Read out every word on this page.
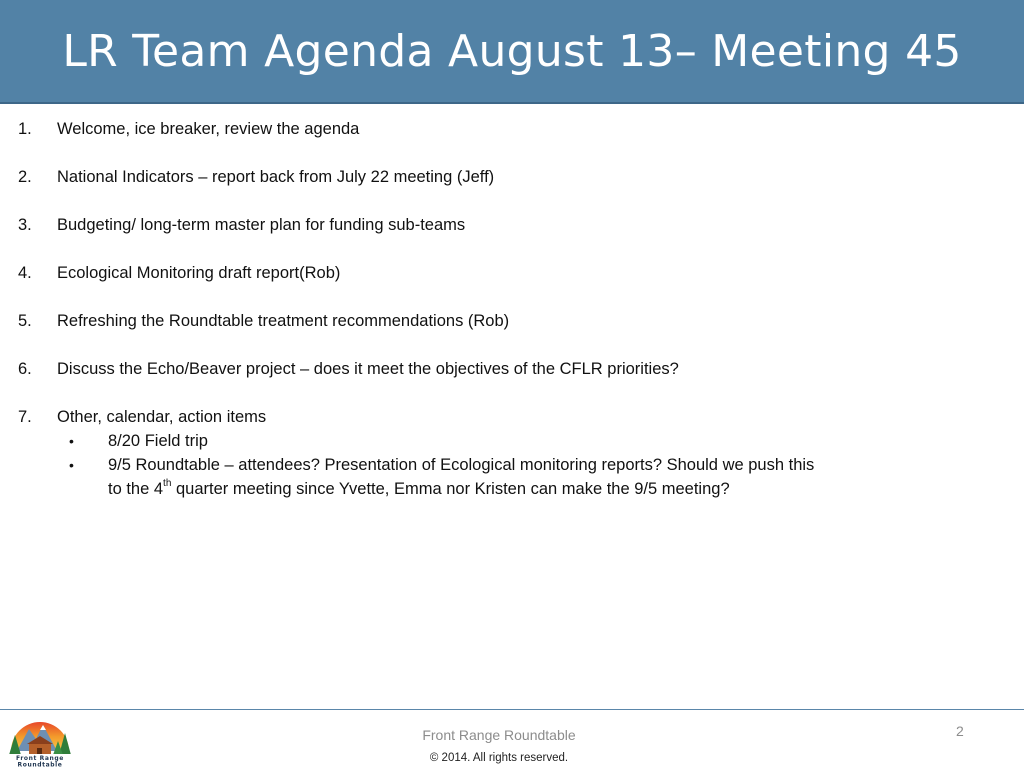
LR Team Agenda August 13– Meeting 45
1. Welcome, ice breaker, review the agenda
2. National Indicators – report back from July 22 meeting (Jeff)
3. Budgeting/ long-term master plan for funding sub-teams
4. Ecological Monitoring draft report(Rob)
5. Refreshing the Roundtable treatment recommendations (Rob)
6. Discuss the Echo/Beaver project – does it meet the objectives of the CFLR priorities?
7. Other, calendar, action items
• 8/20 Field trip
• 9/5 Roundtable – attendees? Presentation of Ecological monitoring reports? Should we push this to the 4th quarter meeting since Yvette, Emma nor Kristen can make the 9/5 meeting?
Front Range
Roundtable
Front Range Roundtable
© 2014. All rights reserved.
2
